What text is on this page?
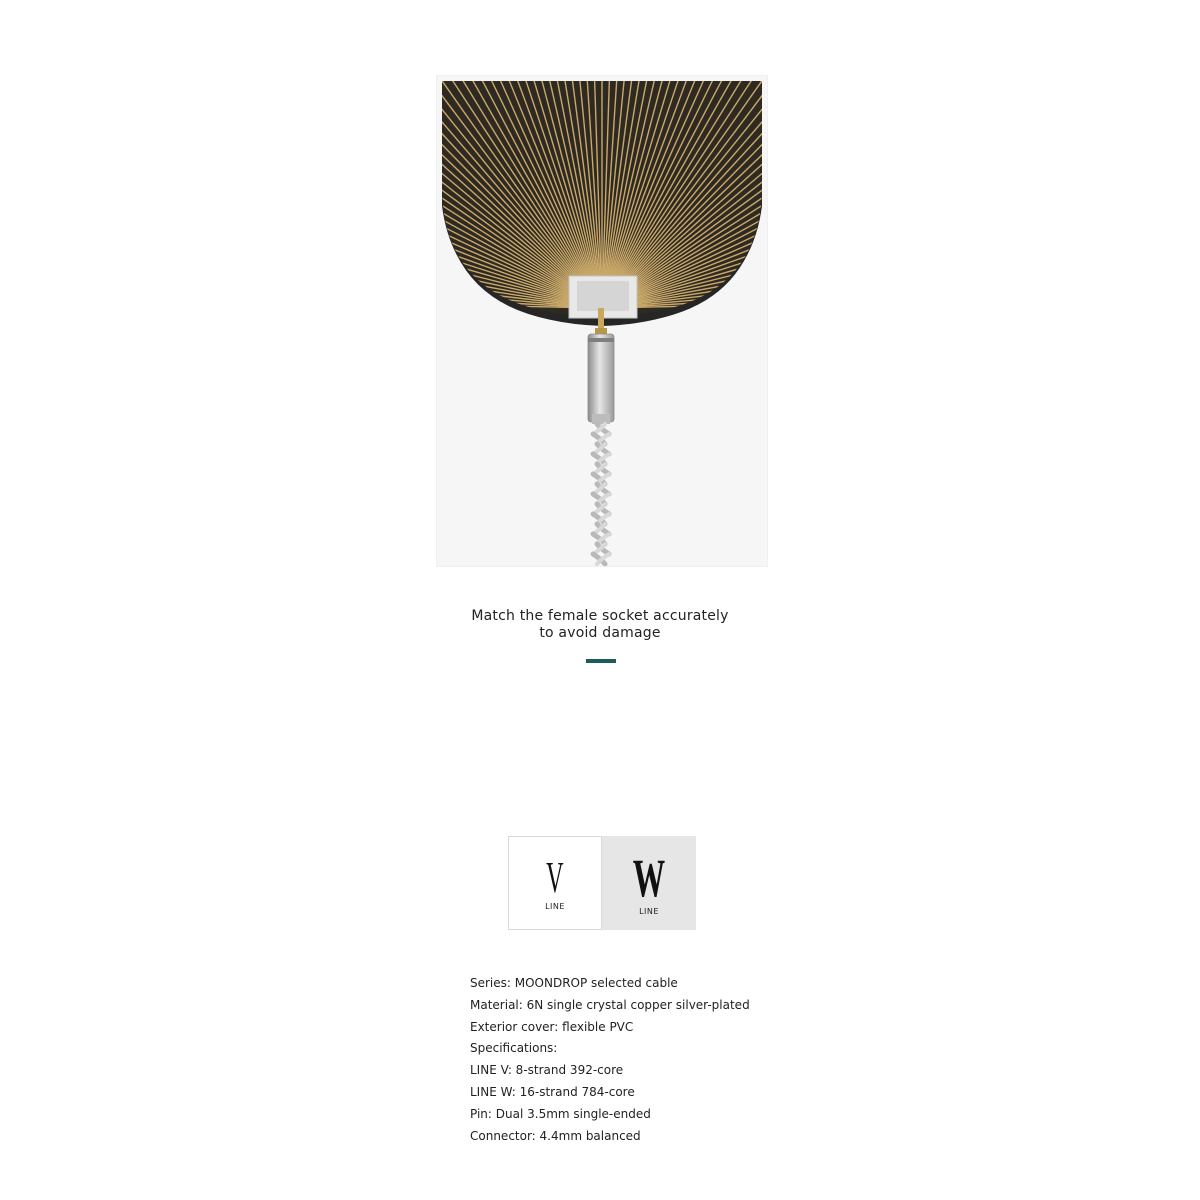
Match the female socket accurately
to avoid damage
V
LINE W
LINE
Series: MOONDROP selected cable
Material: 6N single crystal copper silver-plated
Exterior cover: flexible PVC
Specifications:
LINE V: 8-strand 392-core
LINE W: 16-strand 784-core
Pin: Dual 3.5mm single-ended
Connector: 4.4mm balanced
